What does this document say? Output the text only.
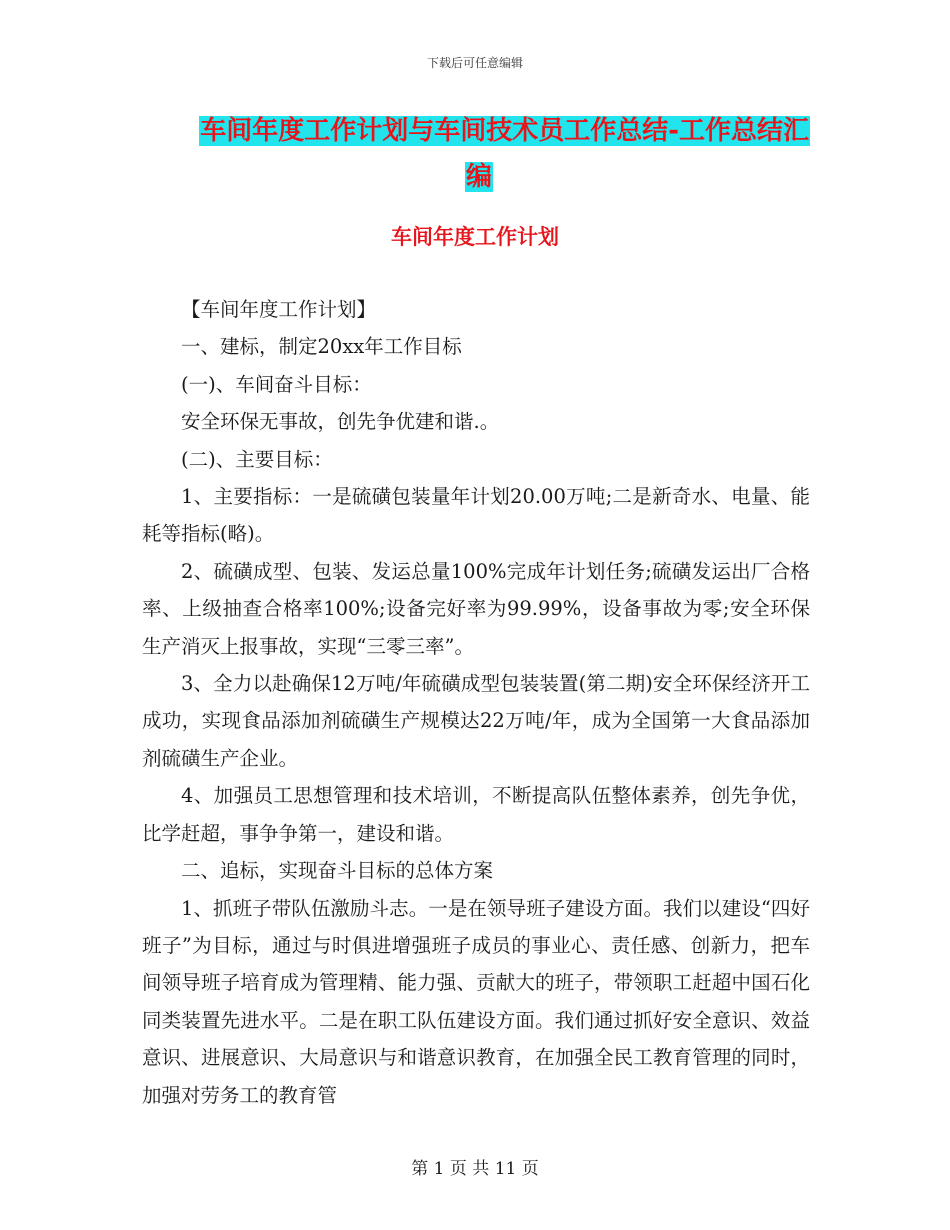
下载后可任意编辑
车间年度工作计划与车间技术员工作总结-工作总结汇
编
车间年度工作计划

【车间年度工作计划】

一、建标，制定20xx年工作目标

(一)、车间奋斗目标：

安全环保无事故，创先争优建和谐.。

(二)、主要目标：

1、主要指标：一是硫磺包装量年计划20.00万吨;二是新奇水、电量、能耗等指标(略)。

2、硫磺成型、包装、发运总量100%完成年计划任务;硫磺发运出厂合格率、上级抽查合格率100%;设备完好率为99.99%，设备事故为零;安全环保生产消灭上报事故，实现“三零三率”。

3、全力以赴确保12万吨/年硫磺成型包装装置(第二期)安全环保经济开工成功，实现食品添加剂硫磺生产规模达22万吨/年，成为全国第一大食品添加剂硫磺生产企业。

4、加强员工思想管理和技术培训，不断提高队伍整体素养，创先争优，比学赶超，事争争第一，建设和谐。

二、追标，实现奋斗目标的总体方案

1、抓班子带队伍激励斗志。一是在领导班子建设方面。我们以建设“四好班子”为目标，通过与时俱进增强班子成员的事业心、责任感、创新力，把车间领导班子培育成为管理精、能力强、贡献大的班子，带领职工赶超中国石化同类装置先进水平。二是在职工队伍建设方面。我们通过抓好安全意识、效益意识、进展意识、大局意识与和谐意识教育，在加强全民工教育管理的同时，加强对劳务工的教育管

第 1 页 共 11 页
